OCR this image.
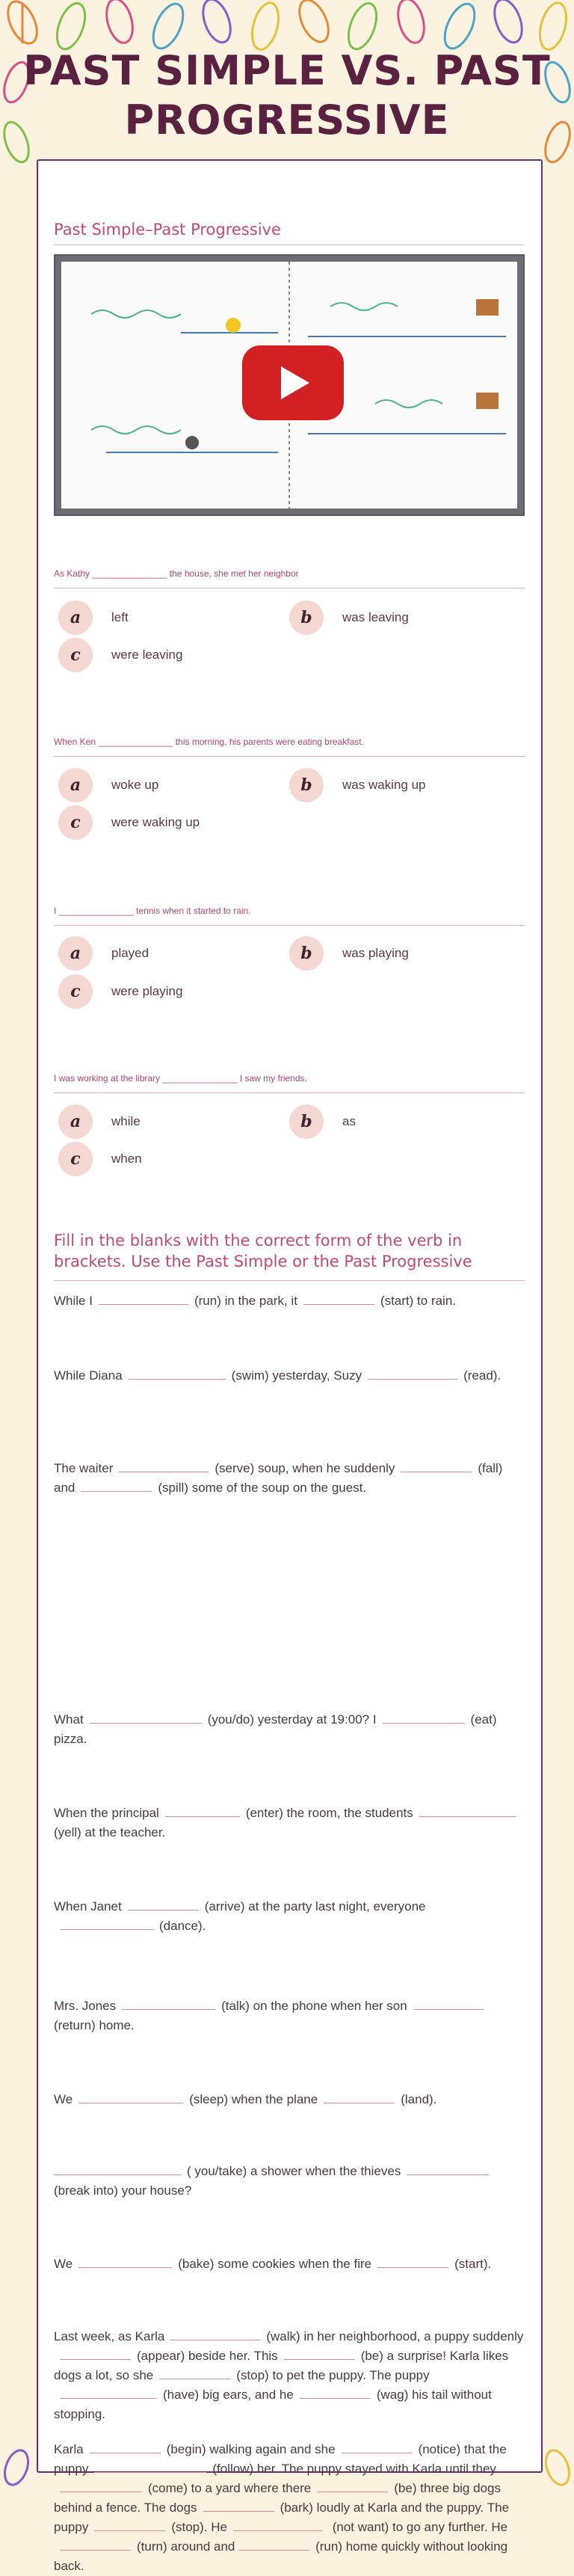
PAST SIMPLE VS. PAST
PROGRESSIVE
Past Simple–Past Progressive
As Kathy _______________ the house, she met her neighbor
a	left	b	was leaving
c	were leaving
When Ken _______________ this morning, his parents were eating breakfast.
a	woke up	b	was waking up
c	were waking up
I _______________ tennis when it started to rain.
a	played	b	was playing
c	were playing
I was working at the library _______________ I saw my friends.
a	while	b	as
c	when
Fill in the blanks with the correct form of the verb in brackets. Use the Past Simple or the Past Progressive
While I	(run) in the park, it	(start) to rain.
While Diana	(swim) yesterday, Suzy	(read).
The waiter	(serve) soup, when he suddenly	(fall) and	(spill) some of the soup on the guest.
What	(you/do) yesterday at 19:00? I	(eat) pizza.
When the principal	(enter) the room, the students(yell) at the teacher.
When Janet	(arrive) at the party last night, everyone(dance).
Mrs. Jones	(talk) on the phone when her son(return) home.
We	(sleep) when the plane	(land).
( you/take) a shower when the thieves(break into) your house?
We	(bake) some cookies when the fire	(start).
Last week, as Karla	(walk) in her neighborhood, a puppy suddenly(appear) beside her. This	(be) a surprise! Karla likes dogs a lot, so she	(stop) to pet the puppy. The puppy(have) big ears, and he	(wag) his tail without stopping.
Karla	(begin) walking again and she	(notice) that the puppy	(follow) her. The puppy stayed with Karla until they(come) to a yard where there	(be) three big dogs behind a fence. The dogs	(bark) loudly at Karla and the puppy. The puppy	(stop). He	(not want) to go any further. He(turn) around and	(run) home quickly without looking back.
